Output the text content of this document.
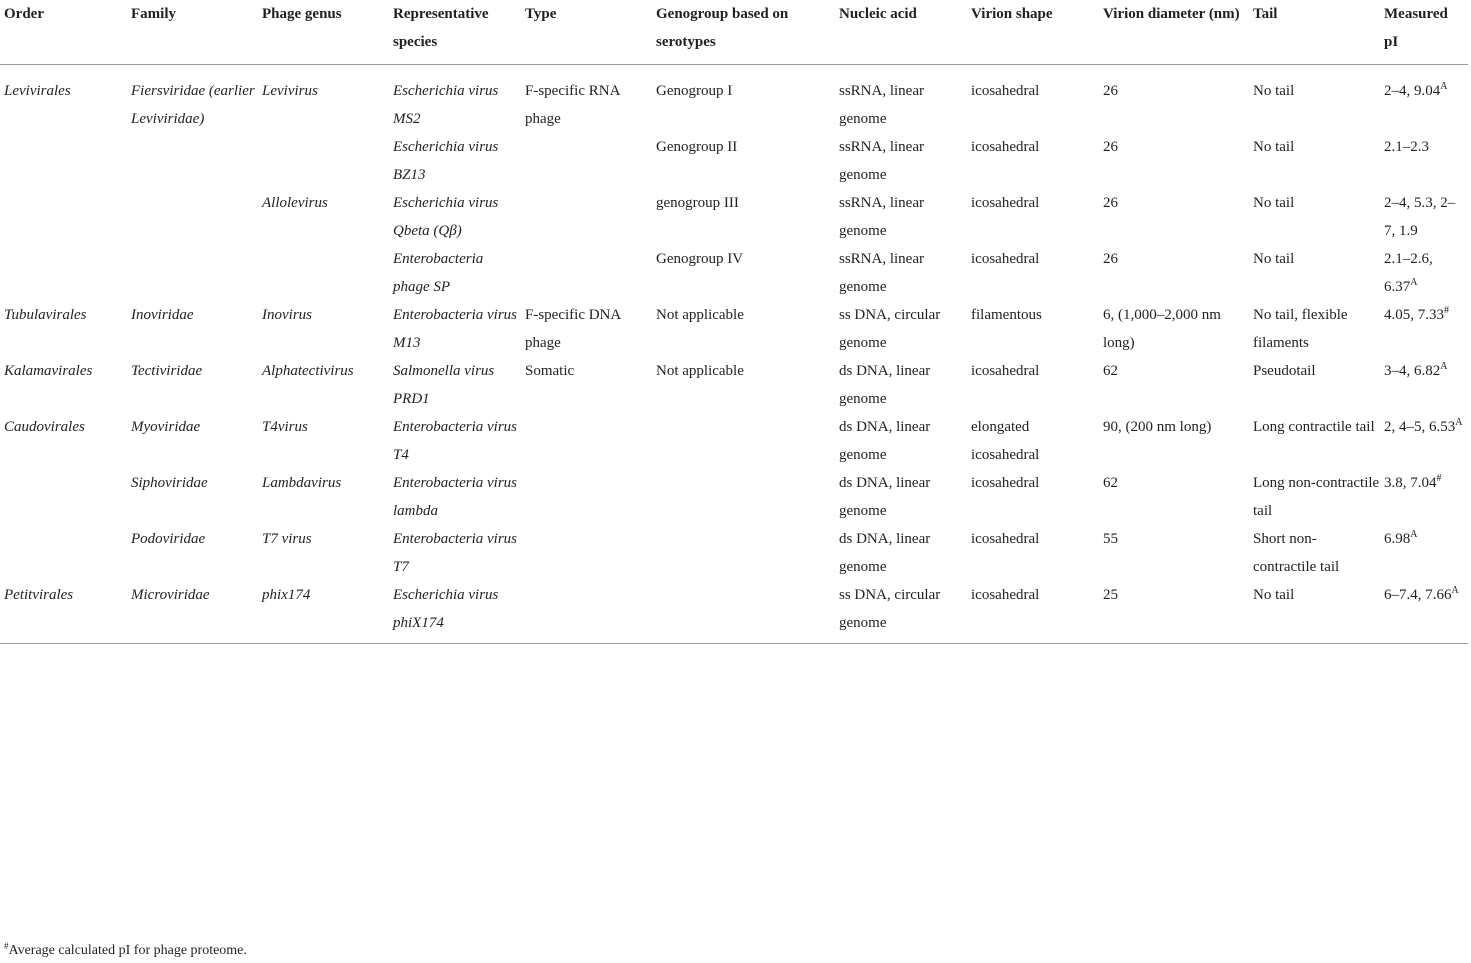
Order	Family	Phage genus	Representative species	Type	Genogroup based on serotypes	Nucleic acid	Virion shape	Virion diameter (nm)	Tail	Measured pI
Levivirales	Fiersviridae (earlier Leviviridae)	Levivirus	Escherichia virus MS2	F-specific RNA phage	Genogroup I	ssRNA, linear genome	icosahedral	26	No tail	2–4, $9.04^A$
			Escherichia virus BZ13		Genogroup II	ssRNA, linear genome	icosahedral	26	No tail	2.1–2.3
		Allolevirus	Escherichia virus Qbeta (Qβ)		genogroup III	ssRNA, linear genome	icosahedral	26	No tail	2–4, 5.3, 2–7, 1.9
			Enterobacteria phage SP		Genogroup IV	ssRNA, linear genome	icosahedral	26	No tail	2.1–2.6, $6.37^A$
Tubulavirales	Inoviridae	Inovirus	Enterobacteria virus M13	F-specific DNA phage	Not applicable	ss DNA, circular genome	filamentous	6, (1,000–2,000 nm long)	No tail, flexible filaments	4.05, 7.33#
Kalamavirales	Tectiviridae	Alphatectivirus	Salmonella virus PRD1	Somatic	Not applicable	ds DNA, linear genome	icosahedral	62	Pseudotail	3–4, $6.82^A$
Caudovirales	Myoviridae	T4virus	Enterobacteria virus T4			ds DNA, linear genome	elongated icosahedral	90, (200 nm long)	Long contractile tail	2, 4–5, $6.53^A$
	Siphoviridae	Lambdavirus	Enterobacteria virus lambda			ds DNA, linear genome	icosahedral	62	Long non-contractile tail	3.8, 7.04#
	Podoviridae	T7 virus	Enterobacteria virus T7			ds DNA, linear genome	icosahedral	55	Short non-contractile tail	$6.98^A$
Petitvirales	Microviridae	phix174	Escherichia virus phiX174			ss DNA, circular genome	icosahedral	25	No tail	6–7.4, $7.66^A$
#Average calculated pI for phage proteome.
